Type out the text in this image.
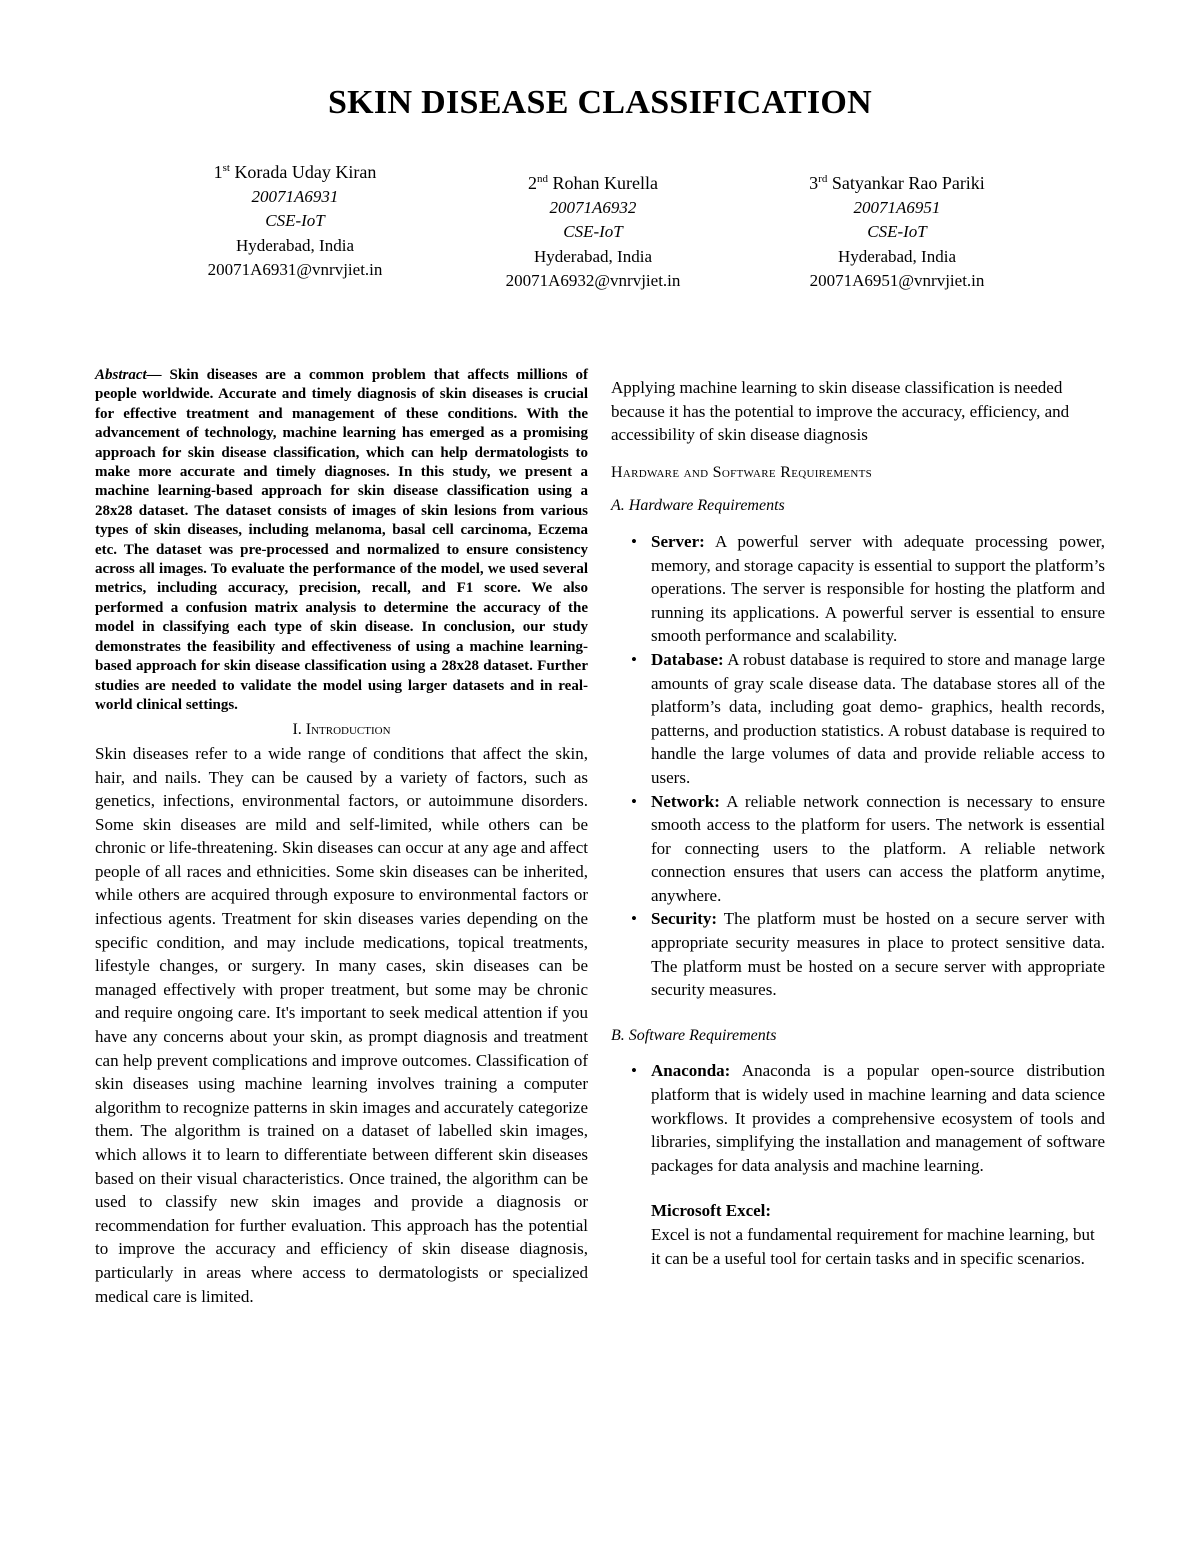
SKIN DISEASE CLASSIFICATION
1st Korada Uday Kiran
20071A6931
CSE-IoT
Hyderabad, India
20071A6931@vnrvjiet.in
2nd Rohan Kurella
20071A6932
CSE-IoT
Hyderabad, India
20071A6932@vnrvjiet.in
3rd Satyankar Rao Pariki
20071A6951
CSE-IoT
Hyderabad, India
20071A6951@vnrvjiet.in

Abstract— Skin diseases are a common problem that affects millions of people worldwide. Accurate and timely diagnosis of skin diseases is crucial for effective treatment and management of these conditions. With the advancement of technology, machine learning has emerged as a promising approach for skin disease classification, which can help dermatologists to make more accurate and timely diagnoses. In this study, we present a machine learning-based approach for skin disease classification using a 28x28 dataset. The dataset consists of images of skin lesions from various types of skin diseases, including melanoma, basal cell carcinoma, Eczema etc. The dataset was pre-processed and normalized to ensure consistency across all images. To evaluate the performance of the model, we used several metrics, including accuracy, precision, recall, and F1 score. We also performed a confusion matrix analysis to determine the accuracy of the model in classifying each type of skin disease. In conclusion, our study demonstrates the feasibility and effectiveness of using a machine learning-based approach for skin disease classification using a 28x28 dataset. Further studies are needed to validate the model using larger datasets and in real-world clinical settings.

I. Introduction

Skin diseases refer to a wide range of conditions that affect the skin, hair, and nails. They can be caused by a variety of factors, such as genetics, infections, environmental factors, or autoimmune disorders. Some skin diseases are mild and self-limited, while others can be chronic or life-threatening. Skin diseases can occur at any age and affect people of all races and ethnicities. Some skin diseases can be inherited, while others are acquired through exposure to environmental factors or infectious agents. Treatment for skin diseases varies depending on the specific condition, and may include medications, topical treatments, lifestyle changes, or surgery. In many cases, skin diseases can be managed effectively with proper treatment, but some may be chronic and require ongoing care. It's important to seek medical attention if you have any concerns about your skin, as prompt diagnosis and treatment can help prevent complications and improve outcomes. Classification of skin diseases using machine learning involves training a computer algorithm to recognize patterns in skin images and accurately categorize them. The algorithm is trained on a dataset of labelled skin images, which allows it to learn to differentiate between different skin diseases based on their visual characteristics. Once trained, the algorithm can be used to classify new skin images and provide a diagnosis or recommendation for further evaluation. This approach has the potential to improve the accuracy and efficiency of skin disease diagnosis, particularly in areas where access to dermatologists or specialized medical care is limited.

Applying machine learning to skin disease classification is needed because it has the potential to improve the accuracy, efficiency, and accessibility of skin disease diagnosis

Hardware and Software Requirements
A. Hardware Requirements
• Server: A powerful server with adequate processing power, memory, and storage capacity is essential to support the platform’s operations. The server is responsible for hosting the platform and running its applications. A powerful server is essential to ensure smooth performance and scalability.
• Database: A robust database is required to store and manage large amounts of gray scale disease data. The database stores all of the platform’s data, including goat demo- graphics, health records, patterns, and production statistics. A robust database is required to handle the large volumes of data and provide reliable access to users.
• Network: A reliable network connection is necessary to ensure smooth access to the platform for users. The network is essential for connecting users to the platform. A reliable network connection ensures that users can access the platform anytime, anywhere.
• Security: The platform must be hosted on a secure server with appropriate security measures in place to protect sensitive data. The platform must be hosted on a secure server with appropriate security measures.
B. Software Requirements
• Anaconda: Anaconda is a popular open-source distribution platform that is widely used in machine learning and data science workflows. It provides a comprehensive ecosystem of tools and libraries, simplifying the installation and management of software packages for data analysis and machine learning.
Microsoft Excel:
Excel is not a fundamental requirement for machine learning, but it can be a useful tool for certain tasks and in specific scenarios.
